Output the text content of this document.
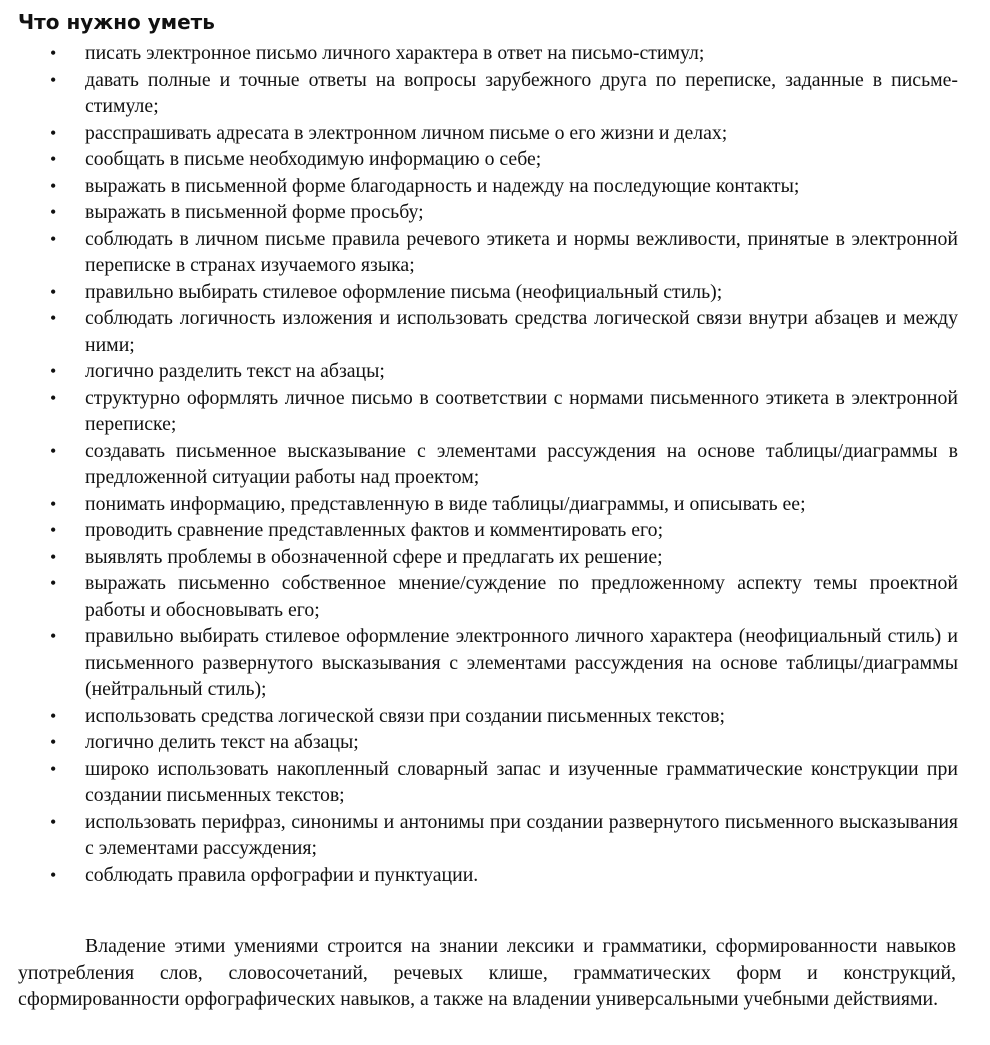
Что нужно уметь
• писать электронное письмо личного характера в ответ на письмо-стимул;
• давать полные и точные ответы на вопросы зарубежного друга по переписке, заданные в письме-стимуле;
• расспрашивать адресата в электронном личном письме о его жизни и делах;
• сообщать в письме необходимую информацию о себе;
• выражать в письменной форме благодарность и надежду на последующие контакты;
• выражать в письменной форме просьбу;
• соблюдать в личном письме правила речевого этикета и нормы вежливости, принятые в электронной переписке в странах изучаемого языка;
• правильно выбирать стилевое оформление письма (неофициальный стиль);
• соблюдать логичность изложения и использовать средства логической связи внутри абзацев и между ними;
• логично разделить текст на абзацы;
• структурно оформлять личное письмо в соответствии с нормами письменного этикета в электронной переписке;
• создавать письменное высказывание с элементами рассуждения на основе таблицы/диаграммы в предложенной ситуации работы над проектом;
• понимать информацию, представленную в виде таблицы/диаграммы, и описывать ее;
• проводить сравнение представленных фактов и комментировать его;
• выявлять проблемы в обозначенной сфере и предлагать их решение;
• выражать письменно собственное мнение/суждение по предложенному аспекту темы проектной работы и обосновывать его;
• правильно выбирать стилевое оформление электронного личного характера (неофициальный стиль) и письменного развернутого высказывания с элементами рассуждения на основе таблицы/диаграммы (нейтральный стиль);
• использовать средства логической связи при создании письменных текстов;
• логично делить текст на абзацы;
• широко использовать накопленный словарный запас и изученные грамматические конструкции при создании письменных текстов;
• использовать перифраз, синонимы и антонимы при создании развернутого письменного высказывания с элементами рассуждения;
• соблюдать правила орфографии и пунктуации.

Владение этими умениями строится на знании лексики и грамматики, сформированности навыков употребления слов, словосочетаний, речевых клише, грамматических форм и конструкций, сформированности орфографических навыков, а также на владении универсальными учебными действиями.
